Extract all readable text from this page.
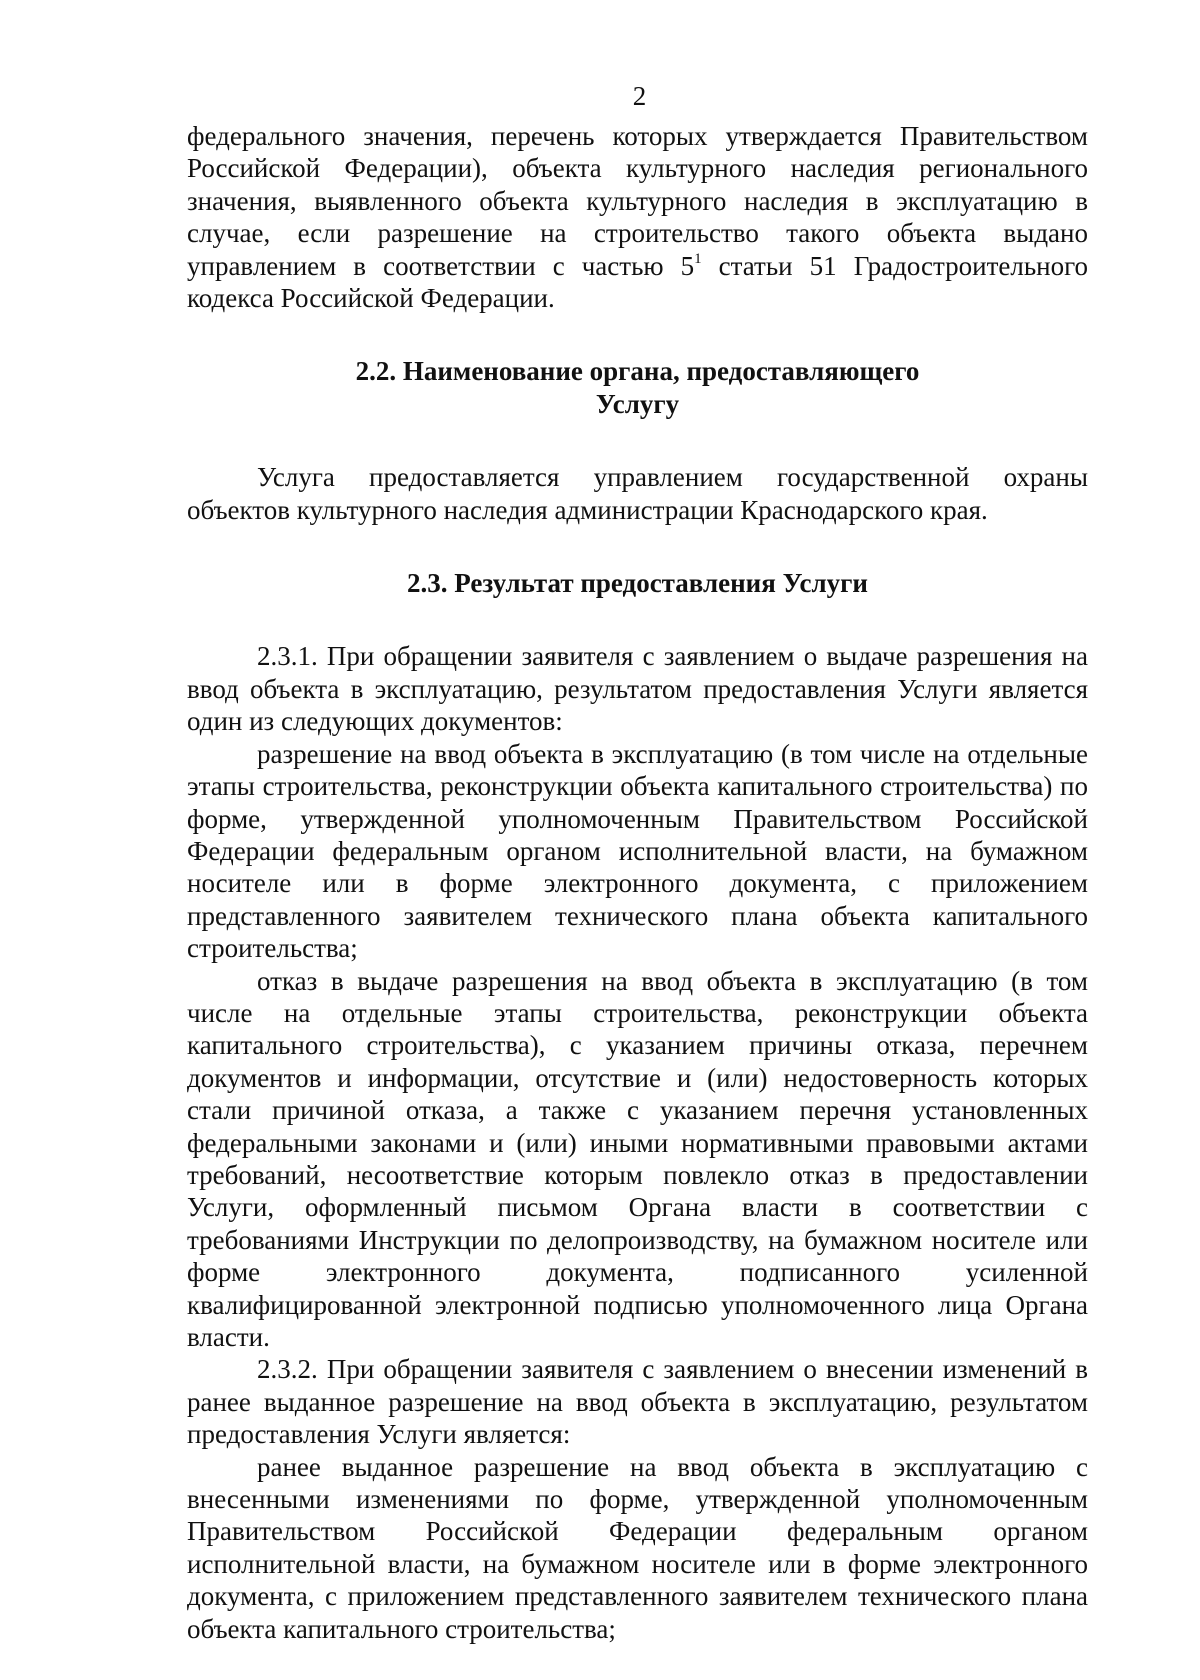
2

федерального значения, перечень которых утверждается Правительством Российской Федерации), объекта культурного наследия регионального значения, выявленного объекта культурного наследия в эксплуатацию в случае, если разрешение на строительство такого объекта выдано управлением в соответствии с частью $5^1$ статьи 51 Градостроительного кодекса Российской Федерации.

2.2. Наименование органа, предоставляющего
Услугу

Услуга предоставляется управлением государственной охраны объектов культурного наследия администрации Краснодарского края.

2.3. Результат предоставления Услуги

2.3.1. При обращении заявителя с заявлением о выдаче разрешения на ввод объекта в эксплуатацию, результатом предоставления Услуги является один из следующих документов:

разрешение на ввод объекта в эксплуатацию (в том числе на отдельные этапы строительства, реконструкции объекта капитального строительства) по форме, утвержденной уполномоченным Правительством Российской Федерации федеральным органом исполнительной власти, на бумажном носителе или в форме электронного документа, с приложением представленного заявителем технического плана объекта капитального строительства;

отказ в выдаче разрешения на ввод объекта в эксплуатацию (в том числе на отдельные этапы строительства, реконструкции объекта капитального строительства), с указанием причины отказа, перечнем документов и информации, отсутствие и (или) недостоверность которых стали причиной отказа, а также с указанием перечня установленных федеральными законами и (или) иными нормативными правовыми актами требований, несоответствие которым повлекло отказ в предоставлении Услуги, оформленный письмом Органа власти в соответствии с требованиями Инструкции по делопроизводству, на бумажном носителе или форме электронного документа, подписанного усиленной квалифицированной электронной подписью уполномоченного лица Органа власти.

2.3.2. При обращении заявителя с заявлением о внесении изменений в ранее выданное разрешение на ввод объекта в эксплуатацию, результатом предоставления Услуги является:

ранее выданное разрешение на ввод объекта в эксплуатацию с внесенными изменениями по форме, утвержденной уполномоченным Правительством Российской Федерации федеральным органом исполнительной власти, на бумажном носителе или в форме электронного документа, с приложением представленного заявителем технического плана объекта капитального строительства;
